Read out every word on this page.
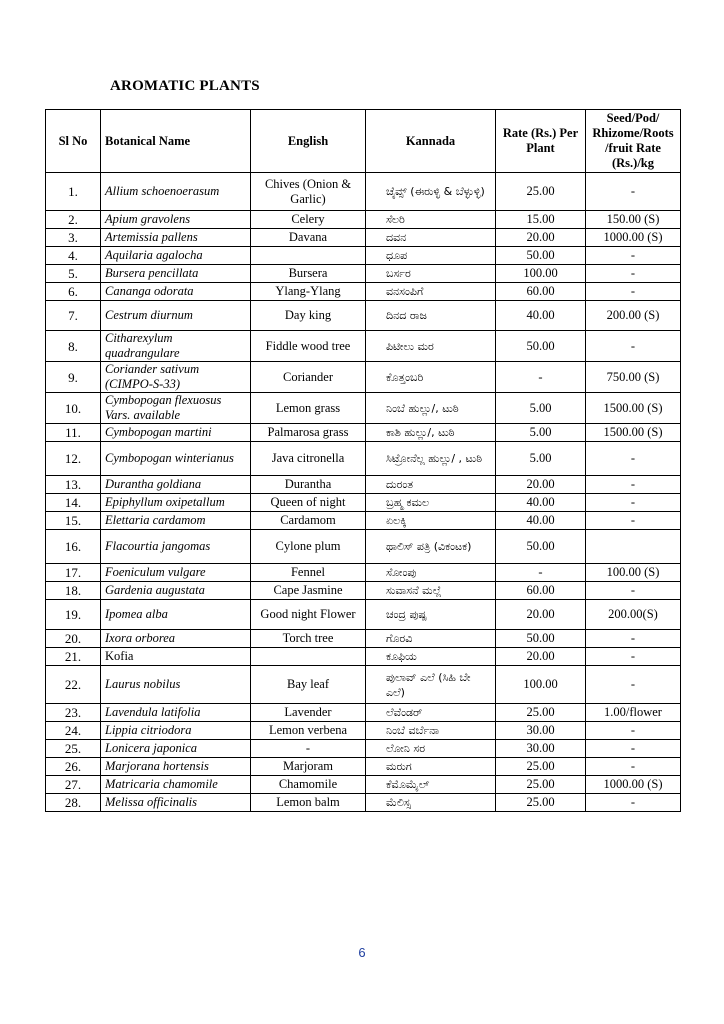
AROMATIC PLANTS
Sl No	Botanical Name	English	Kannada	Rate (Rs.) Per Plant	Seed/Pod/ Rhizome/Roots /fruit Rate (Rs.)/kg
1.	Allium schoenoerasum	Chives (Onion & Garlic)	ಚೈವ್ಸ್ (ಈರುಳ್ಳಿ & ಬೆಳ್ಳುಳ್ಳಿ)	25.00	-
2.	Apium gravolens	Celery	ಸೆಲರಿ	15.00	150.00 (S)
3.	Artemissia pallens	Davana	ದವನ	20.00	1000.00 (S)
4.	Aquilaria agalocha		ಧೂಪ	50.00	-
5.	Bursera pencillata	Bursera	ಬರ್ಸರ	100.00	-
6.	Cananga odorata	Ylang-Ylang	ವನಸಂಪಿಗೆ	60.00	-
7.	Cestrum diurnum	Day king	ದಿನದ ರಾಜ	40.00	200.00 (S)
8.	Citharexylum quadrangulare	Fiddle wood tree	ಪಿಟೀಲು ಮರ	50.00	-
9.	Coriander sativum (CIMPO-S-33)	Coriander	ಕೊತ್ತಂಬರಿ	-	750.00 (S)
10.	Cymbopogan flexuosus Vars. available	Lemon grass	ನಿಂಬೆ ಹುಲ್ಲು/, ಟುಠಿ	5.00	1500.00 (S)
11.	Cymbopogan martini	Palmarosa grass	ಕಾಶಿ ಹುಲ್ಲು/, ಟುಠಿ	5.00	1500.00 (S)
12.	Cymbopogan winterianus	Java citronella	ಸಿಟ್ರೋನೆಲ್ಲ ಹುಲ್ಲು/ , ಟುಠಿ	5.00	-
13.	Durantha goldiana	Durantha	ದುರಂತ	20.00	-
14.	Epiphyllum oxipetallum	Queen of night	ಬ್ರಹ್ಮ ಕಮಲ	40.00	-
15.	Elettaria cardamom	Cardamom	ಏಲಕ್ಕಿ	40.00	-
16.	Flacourtia jangomas	Cylone plum	ಥಾಲಿಸ್ ಪತ್ರಿ (ವಿಕಂಟಕ)	50.00	
17.	Foeniculum vulgare	Fennel	ಸೋಂಪು	-	100.00 (S)
18.	Gardenia augustata	Cape Jasmine	ಸುವಾಸನೆ ಮಲ್ಲೆ	60.00	-
19.	Ipomea alba	Good night Flower	ಚಂದ್ರ ಪುಷ್ಪ	20.00	200.00(S)
20.	Ixora orborea	Torch tree	ಗೊರವಿ	50.00	-
21.	Kofia		ಕೂಫಿಯ	20.00	-
22.	Laurus nobilus	Bay leaf	ಪುಲಾವ್ ಎಲೆ (ಸಿಹಿ ಬೇ ಎಲೆ)	100.00	-
23.	Lavendula latifolia	Lavender	ಲೆವೆಂಡರ್	25.00	1.00/flower
24.	Lippia citriodora	Lemon verbena	ನಿಂಬೆ ವರ್ಬೆನಾ	30.00	-
25.	Lonicera japonica	-	ಲೋನಿ ಸರ	30.00	-
26.	Marjorana hortensis	Marjoram	ಮರುಗ	25.00	-
27.	Matricaria chamomile	Chamomile	ಕೆಮೊಮೈಲ್	25.00	1000.00 (S)
28.	Melissa officinalis	Lemon balm	ಮೆಲಿಸ್ಸ	25.00	-
6
